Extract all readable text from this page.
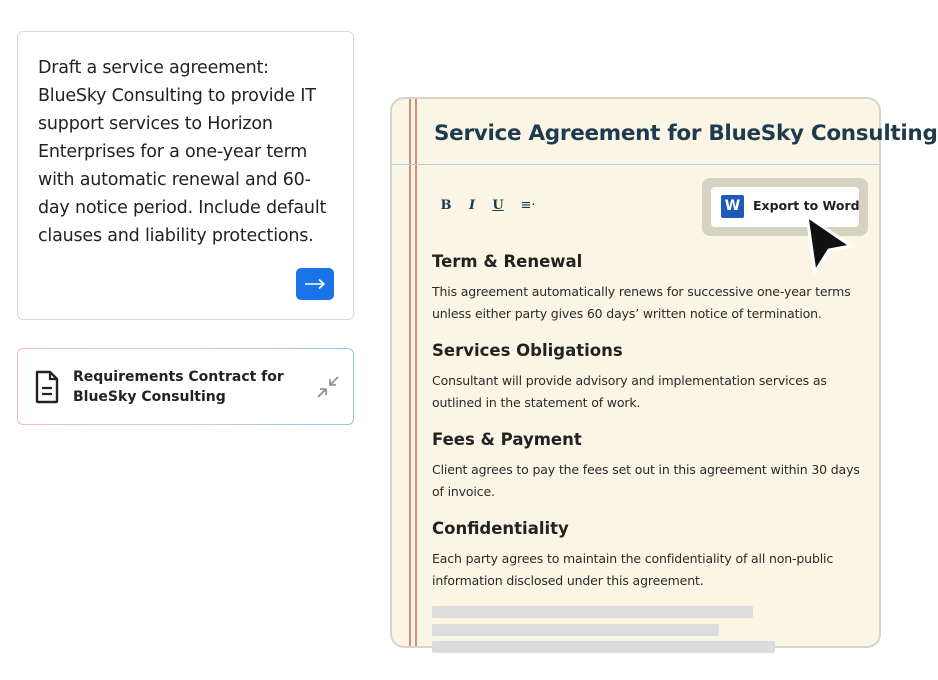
Draft a service agreement: BlueSky Consulting to provide IT support services to Horizon Enterprises for a one-year term with automatic renewal and 60-day notice period. Include default clauses and liability protections.
Requirements Contract for BlueSky Consulting
Service Agreement for BlueSky Consulting
B I U ≡·	W	Export to Word
Term & Renewal

This agreement automatically renews for successive one-year terms unless either party gives 60 days’ written notice of termination.

Services Obligations

Consultant will provide advisory and implementation services as outlined in the statement of work.

Fees & Payment

Client agrees to pay the fees set out in this agreement within 30 days of invoice.

Confidentiality

Each party agrees to maintain the confidentiality of all non-public information disclosed under this agreement.
